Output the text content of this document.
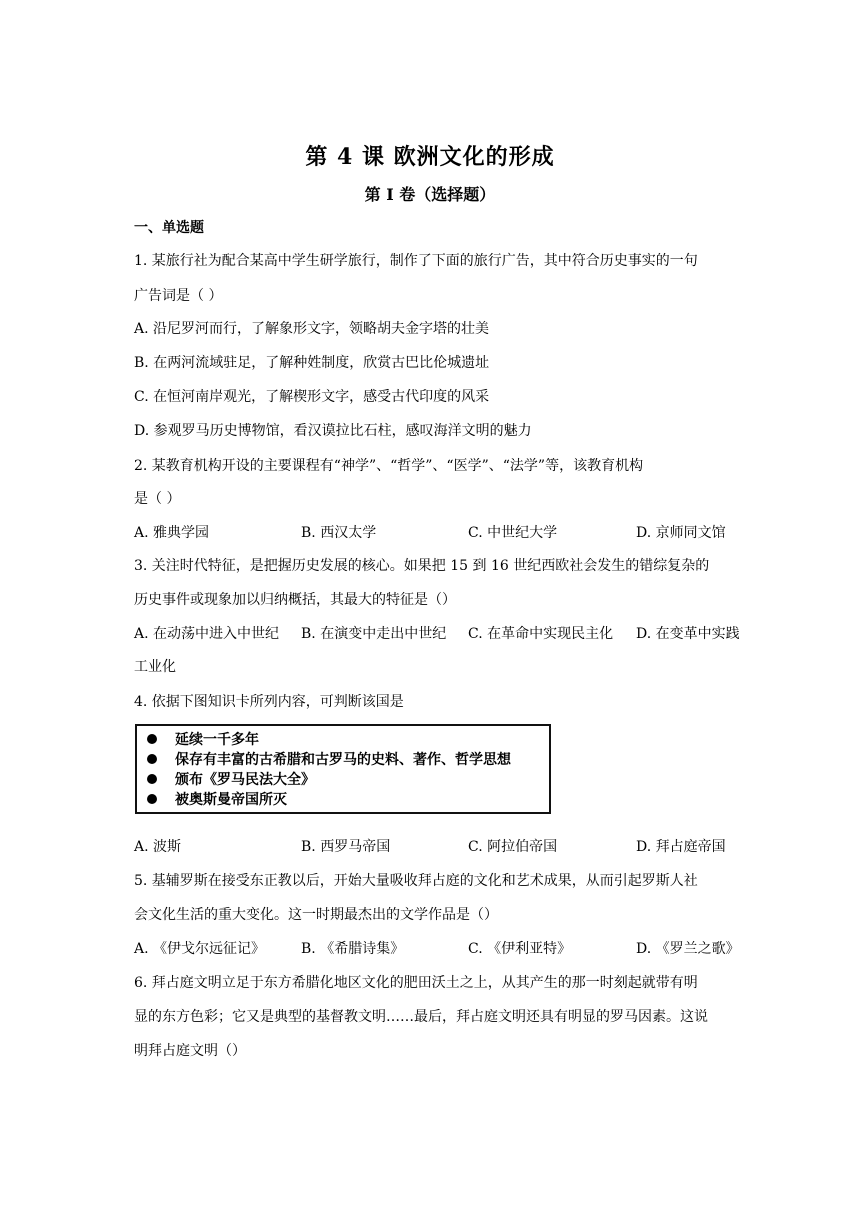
第 4 课 欧洲文化的形成
第 I 卷（选择题）
一、单选题
1. 某旅行社为配合某高中学生研学旅行，制作了下面的旅行广告，其中符合历史事实的一句
广告词是（ ）
A. 沿尼罗河而行，了解象形文字，领略胡夫金字塔的壮美
B. 在两河流域驻足，了解种姓制度，欣赏古巴比伦城遗址
C. 在恒河南岸观光，了解楔形文字，感受古代印度的风采
D. 参观罗马历史博物馆，看汉谟拉比石柱，感叹海洋文明的魅力
2. 某教育机构开设的主要课程有“神学”、“哲学”、“医学”、“法学”等，该教育机构
是（ ）
A. 雅典学园	B. 西汉太学	C. 中世纪大学	D. 京师同文馆
3. 关注时代特征，是把握历史发展的核心。如果把 15 到 16 世纪西欧社会发生的错综复杂的
历史事件或现象加以归纳概括，其最大的特征是（）
A. 在动荡中进入中世纪 B. 在演变中走出中世纪 C. 在革命中实现民主化 D. 在变革中实践
工业化
4. 依据下图知识卡所列内容，可判断该国是
延续一千多年
保存有丰富的古希腊和古罗马的史料、著作、哲学思想
颁布《罗马民法大全》
被奥斯曼帝国所灭
A. 波斯	B. 西罗马帝国	C. 阿拉伯帝国	D. 拜占庭帝国
5. 基辅罗斯在接受东正教以后，开始大量吸收拜占庭的文化和艺术成果，从而引起罗斯人社
会文化生活的重大变化。这一时期最杰出的文学作品是（）
A. 《伊戈尔远征记》	B. 《希腊诗集》	C. 《伊利亚特》	D. 《罗兰之歌》
6. 拜占庭文明立足于东方希腊化地区文化的肥田沃土之上，从其产生的那一时刻起就带有明
显的东方色彩；它又是典型的基督教文明……最后，拜占庭文明还具有明显的罗马因素。这说
明拜占庭文明（）
